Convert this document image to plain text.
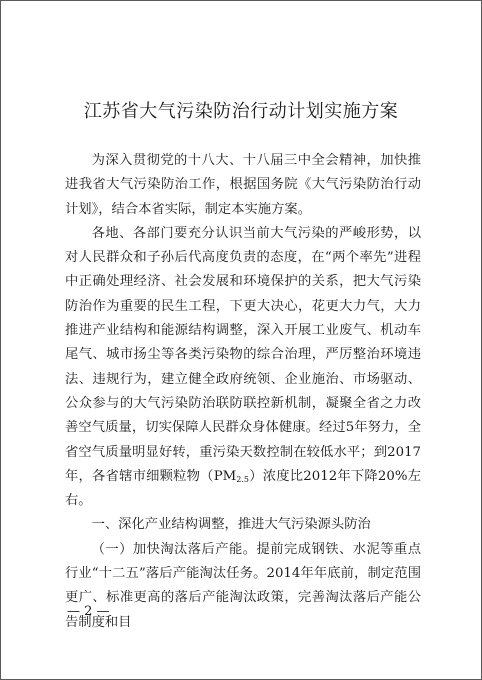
江苏省大气污染防治行动计划实施方案

为深入贯彻党的十八大、十八届三中全会精神，加快推进我省大气污染防治工作，根据国务院《大气污染防治行动计划》，结合本省实际，制定本实施方案。

各地、各部门要充分认识当前大气污染的严峻形势，以对人民群众和子孙后代高度负责的态度，在“两个率先”进程中正确处理经济、社会发展和环境保护的关系，把大气污染防治作为重要的民生工程，下更大决心，花更大力气，大力推进产业结构和能源结构调整，深入开展工业废气、机动车尾气、城市扬尘等各类污染物的综合治理，严厉整治环境违法、违规行为，建立健全政府统领、企业施治、市场驱动、公众参与的大气污染防治联防联控新机制，凝聚全省之力改善空气质量，切实保障人民群众身体健康。经过5年努力，全省空气质量明显好转，重污染天数控制在较低水平；到2017年，各省辖市细颗粒物$(PM_{2.5})$浓度比2012年下降20%左右。

一、深化产业结构调整，推进大气污染源头防治

（一）加快淘汰落后产能。提前完成钢铁、水泥等重点行业“十二五”落后产能淘汰任务。2014年年底前，制定范围更广、标准更高的落后产能淘汰政策，完善淘汰落后产能公告制度和目

— 2 —
